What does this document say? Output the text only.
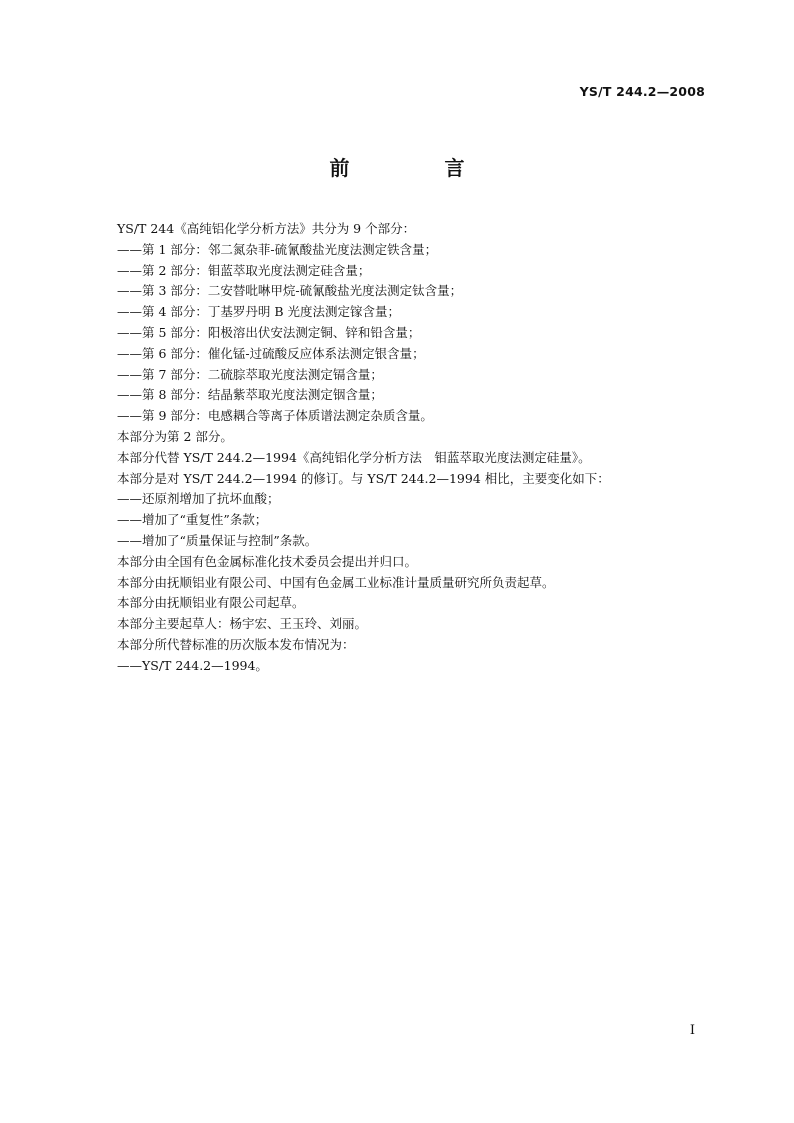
YS/T 244.2—2008
前 言
YS/T 244《高纯铝化学分析方法》共分为 9 个部分：
——第 1 部分：邻二氮杂菲-硫氰酸盐光度法测定铁含量；
——第 2 部分：钼蓝萃取光度法测定硅含量；
——第 3 部分：二安替吡啉甲烷-硫氰酸盐光度法测定钛含量；
——第 4 部分：丁基罗丹明 B 光度法测定镓含量；
——第 5 部分：阳极溶出伏安法测定铜、锌和铅含量；
——第 6 部分：催化锰-过硫酸反应体系法测定银含量；
——第 7 部分：二硫腙萃取光度法测定镉含量；
——第 8 部分：结晶紫萃取光度法测定铟含量；
——第 9 部分：电感耦合等离子体质谱法测定杂质含量。
本部分为第 2 部分。
本部分代替 YS/T 244.2—1994《高纯铝化学分析方法　钼蓝萃取光度法测定硅量》。
本部分是对 YS/T 244.2—1994 的修订。与 YS/T 244.2—1994 相比，主要变化如下：
——还原剂增加了抗坏血酸；
——增加了“重复性”条款；
——增加了“质量保证与控制”条款。
本部分由全国有色金属标准化技术委员会提出并归口。
本部分由抚顺铝业有限公司、中国有色金属工业标准计量质量研究所负责起草。
本部分由抚顺铝业有限公司起草。
本部分主要起草人：杨宇宏、王玉玲、刘丽。
本部分所代替标准的历次版本发布情况为：
——YS/T 244.2—1994。
I
